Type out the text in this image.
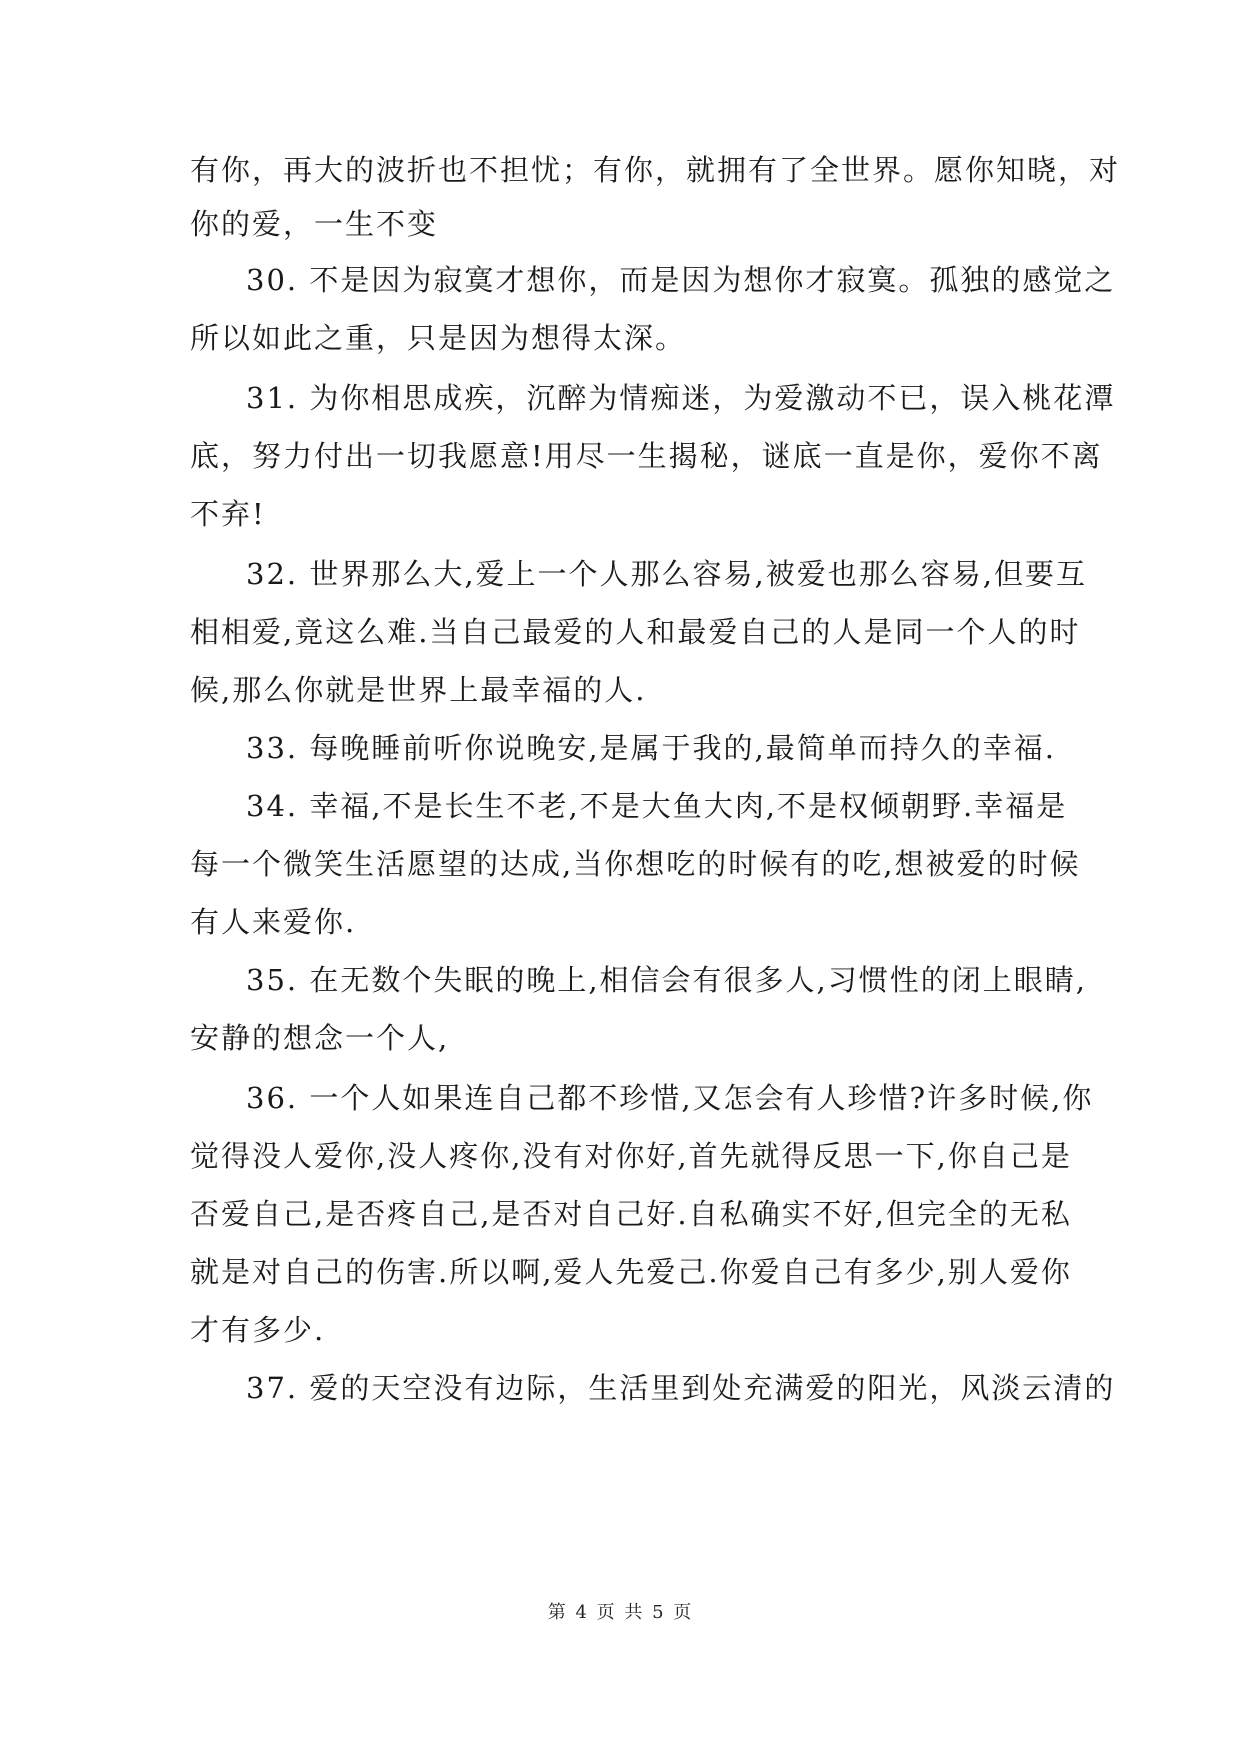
有你，再大的波折也不担忧；有你，就拥有了全世界。愿你知晓，对
你的爱，一生不变
30. 不是因为寂寞才想你，而是因为想你才寂寞。孤独的感觉之
所以如此之重，只是因为想得太深。
31. 为你相思成疾，沉醉为情痴迷，为爱激动不已，误入桃花潭
底，努力付出一切我愿意!用尽一生揭秘，谜底一直是你，爱你不离
不弃!
32. 世界那么大,爱上一个人那么容易,被爱也那么容易,但要互
相相爱,竟这么难.当自己最爱的人和最爱自己的人是同一个人的时
候,那么你就是世界上最幸福的人.
33. 每晚睡前听你说晚安,是属于我的,最简单而持久的幸福.
34. 幸福,不是长生不老,不是大鱼大肉,不是权倾朝野.幸福是
每一个微笑生活愿望的达成,当你想吃的时候有的吃,想被爱的时候
有人来爱你.
35. 在无数个失眠的晚上,相信会有很多人,习惯性的闭上眼睛,
安静的想念一个人,
36. 一个人如果连自己都不珍惜,又怎会有人珍惜?许多时候,你
觉得没人爱你,没人疼你,没有对你好,首先就得反思一下,你自己是
否爱自己,是否疼自己,是否对自己好.自私确实不好,但完全的无私
就是对自己的伤害.所以啊,爱人先爱己.你爱自己有多少,别人爱你
才有多少.
37. 爱的天空没有边际，生活里到处充满爱的阳光，风淡云清的
第 4 页 共 5 页
